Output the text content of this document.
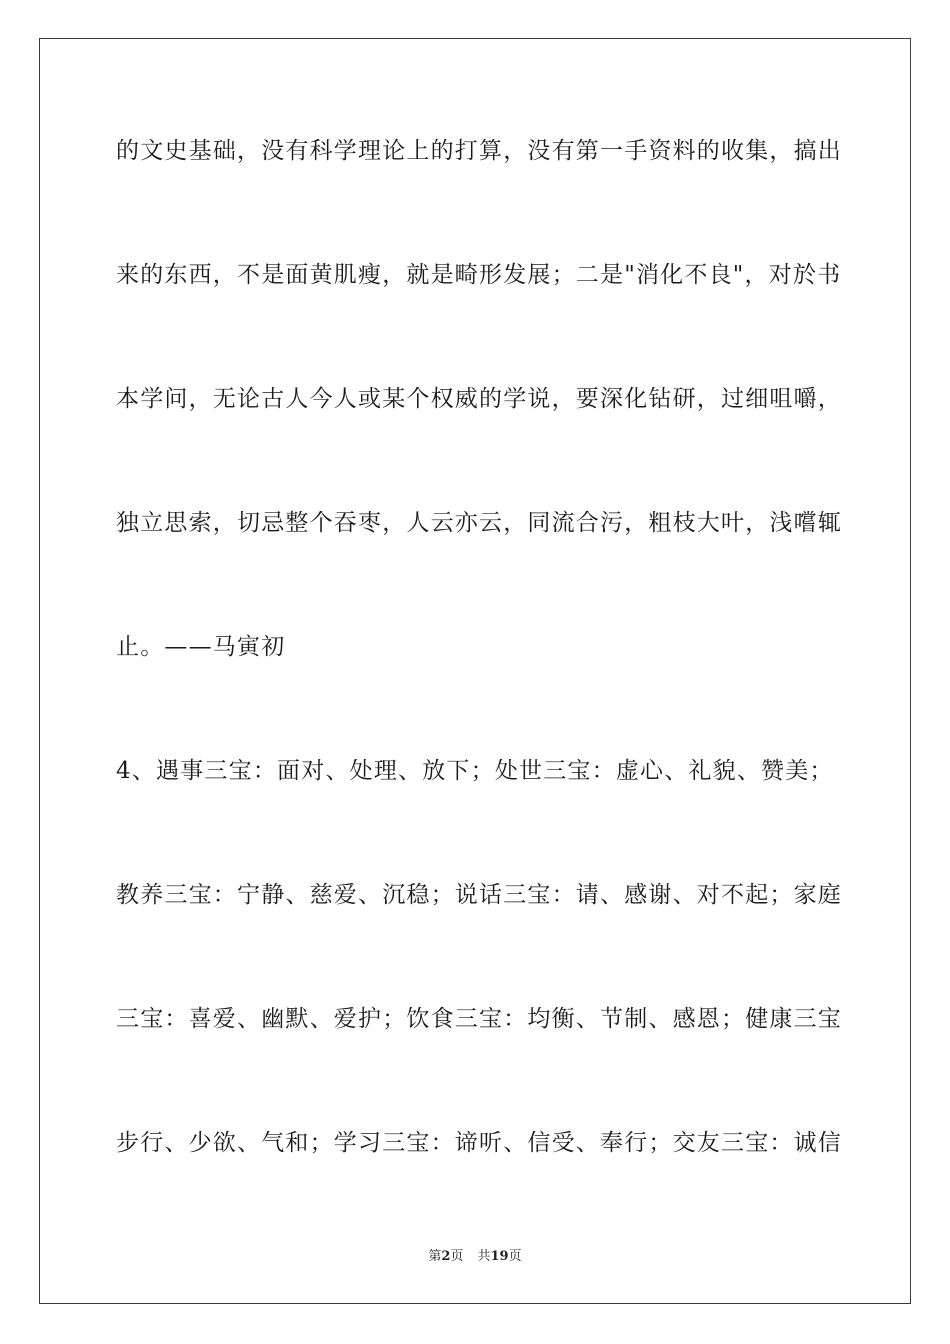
的文史基础，没有科学理论上的打算，没有第一手资料的收集，搞出
来的东西，不是面黄肌瘦，就是畸形发展；二是"消化不良"，对於书
本学问，无论古人今人或某个权威的学说，要深化钻研，过细咀嚼，
独立思索，切忌整个吞枣，人云亦云，同流合污，粗枝大叶，浅嚐辄
止。——马寅初
4、遇事三宝：面对、处理、放下；处世三宝：虚心、礼貌、赞美；
教养三宝：宁静、慈爱、沉稳；说话三宝：请、感谢、对不起；家庭
三宝：喜爱、幽默、爱护；饮食三宝：均衡、节制、感恩；健康三宝
步行、少欲、气和；学习三宝：谛听、信受、奉行；交友三宝：诚信
第2页 共19页
